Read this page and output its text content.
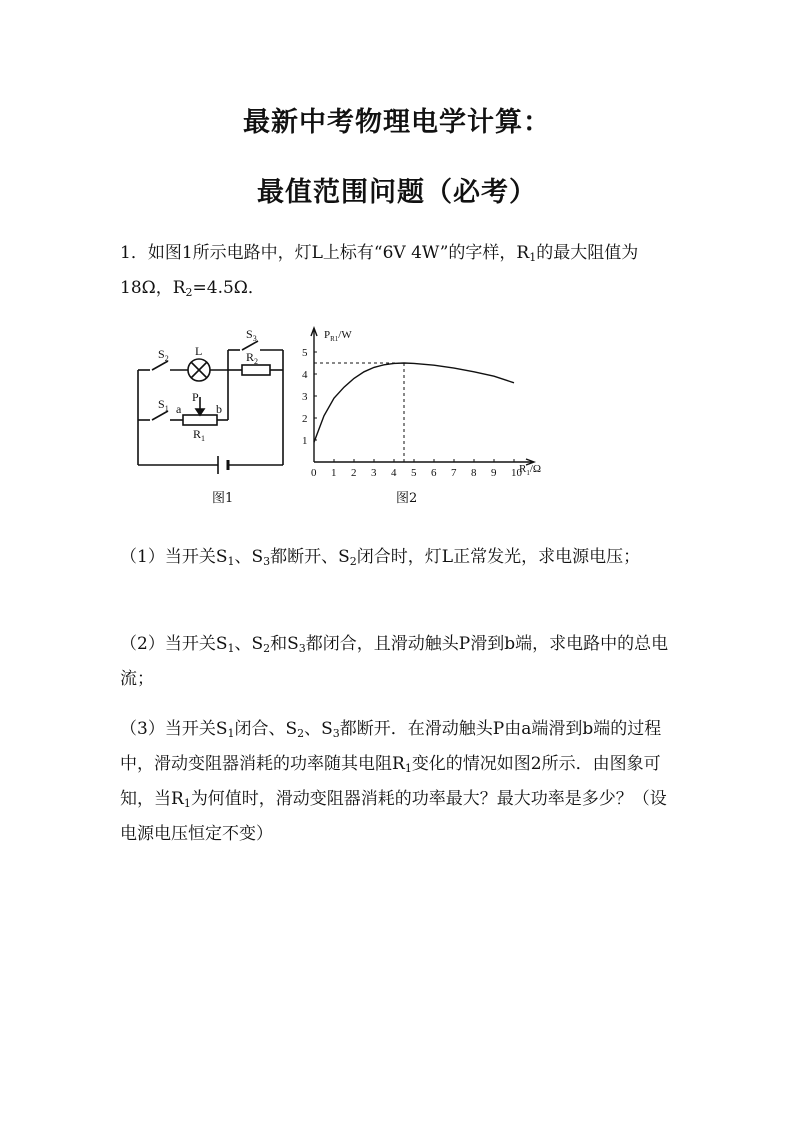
最新中考物理电学计算：
最值范围问题（必考）
1．如图1所示电路中，灯L上标有“6V 4W”的字样，$R_1$的最大阻值为18Ω，$R_2=4.5\Omega$．
$S_2$
L
$S_3$
$R_2$
$S_1$ a
P
b
$R_1$
图1
0 1 2 3 4 5 6 7 8 9 10
1
2
3
4
5
$P_{R1}/W$
$R_1/\Omega$
图2
（1）当开关$S_1$、$S_3$都断开、$S_2$闭合时，灯L正常发光，求电源电压；
（2）当开关$S_1$、$S_2$和$S_3$都闭合，且滑动触头P滑到b端，求电路中的总电流；
（3）当开关$S_1$闭合、$S_2$、$S_3$都断开．在滑动触头P由a端滑到b端的过程中，滑动变阻器消耗的功率随其电阻$R_1$变化的情况如图2所示．由图象可知，当$R_1$为何值时，滑动变阻器消耗的功率最大？最大功率是多少？（设电源电压恒定不变）
